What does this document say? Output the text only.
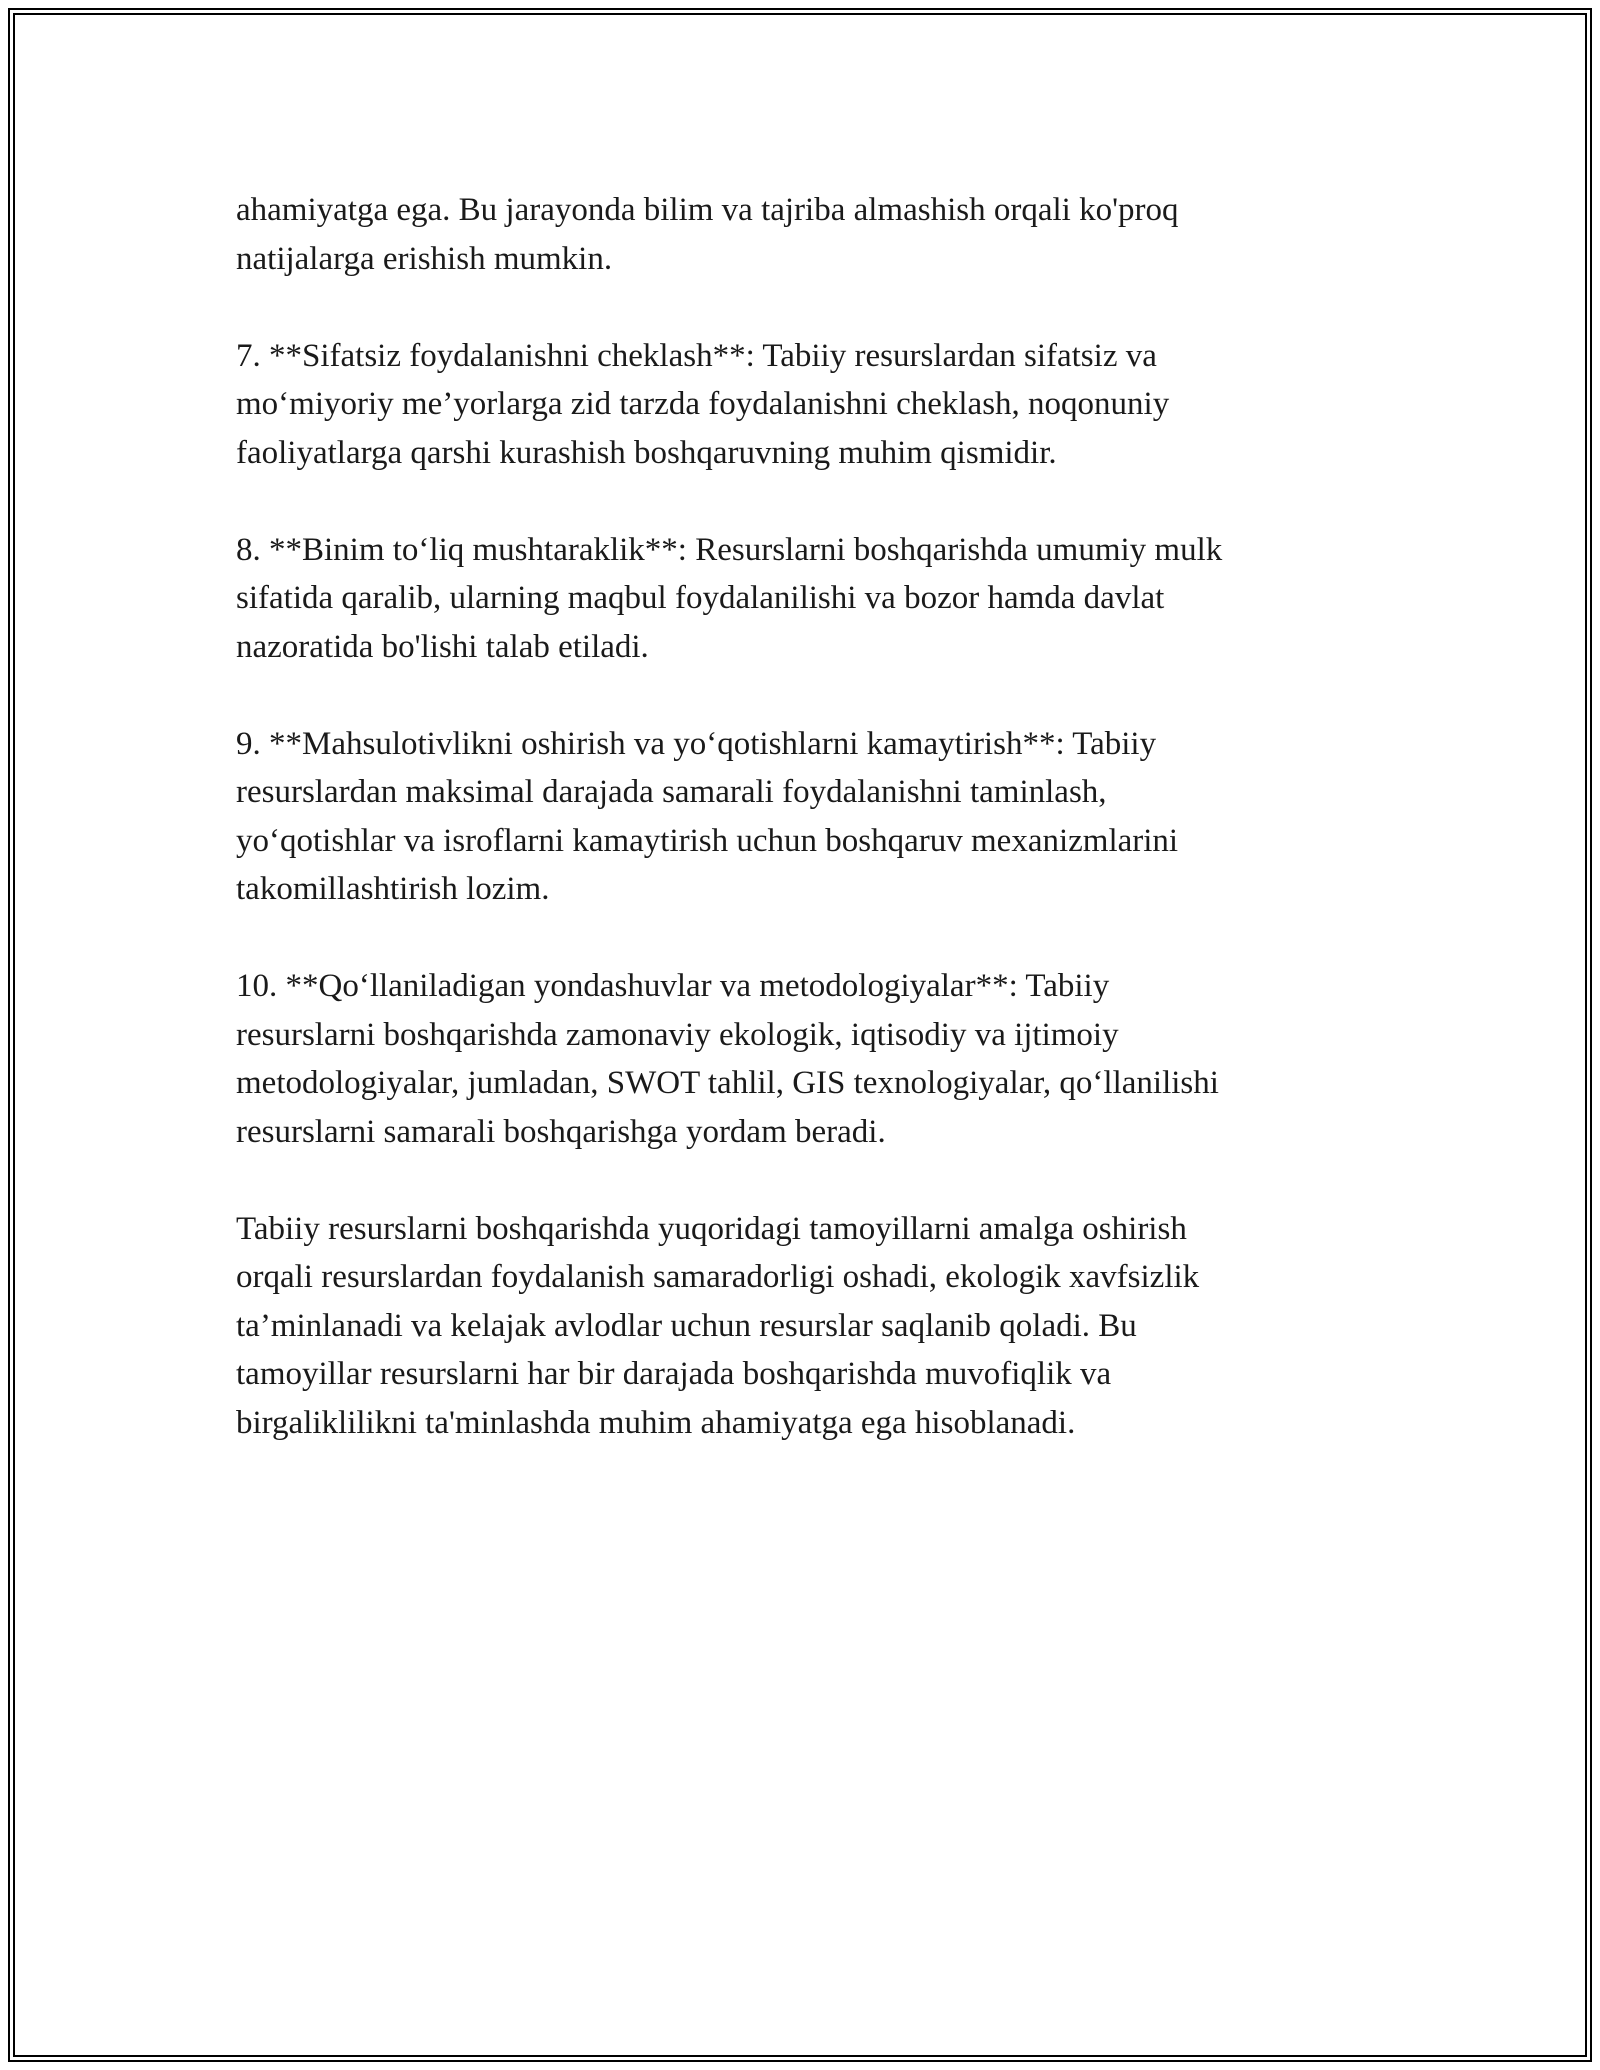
ahamiyatga ega. Bu jarayonda bilim va tajriba almashish orqali ko'proq
natijalarga erishish mumkin.

7. **Sifatsiz foydalanishni cheklash**: Tabiiy resurslardan sifatsiz va
mo‘miyoriy me’yorlarga zid tarzda foydalanishni cheklash, noqonuniy
faoliyatlarga qarshi kurashish boshqaruvning muhim qismidir.

8. **Binim to‘liq mushtaraklik**: Resurslarni boshqarishda umumiy mulk
sifatida qaralib, ularning maqbul foydalanilishi va bozor hamda davlat
nazoratida bo'lishi talab etiladi.

9. **Mahsulotivlikni oshirish va yo‘qotishlarni kamaytirish**: Tabiiy
resurslardan maksimal darajada samarali foydalanishni taminlash,
yo‘qotishlar va isroflarni kamaytirish uchun boshqaruv mexanizmlarini
takomillashtirish lozim.

10. **Qo‘llaniladigan yondashuvlar va metodologiyalar**: Tabiiy
resurslarni boshqarishda zamonaviy ekologik, iqtisodiy va ijtimoiy
metodologiyalar, jumladan, SWOT tahlil, GIS texnologiyalar, qo‘llanilishi
resurslarni samarali boshqarishga yordam beradi.

Tabiiy resurslarni boshqarishda yuqoridagi tamoyillarni amalga oshirish
orqali resurslardan foydalanish samaradorligi oshadi, ekologik xavfsizlik
ta’minlanadi va kelajak avlodlar uchun resurslar saqlanib qoladi. Bu
tamoyillar resurslarni har bir darajada boshqarishda muvofiqlik va
birgaliklilikni ta'minlashda muhim ahamiyatga ega hisoblanadi.
